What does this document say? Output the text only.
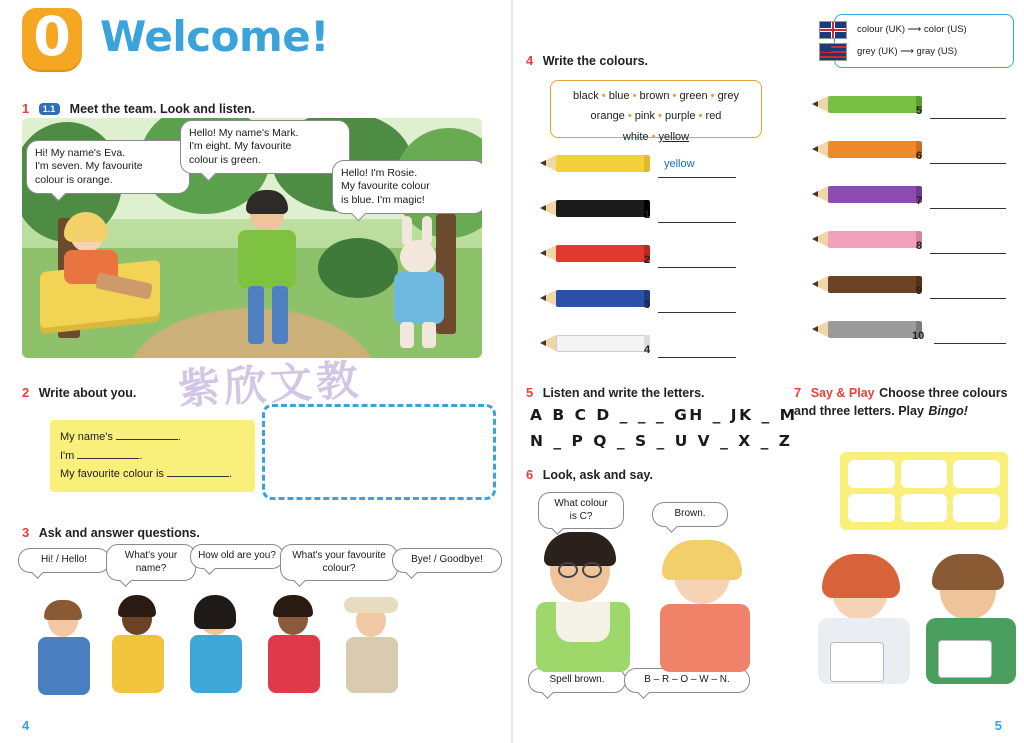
0 Welcome!
1 1.1 Meet the team. Look and listen.
Hi! My name's Eva.
I'm seven. My favourite
colour is orange.
Hello! My name's Mark.
I'm eight. My favourite
colour is green.
Hello! I'm Rosie.
My favourite colour
is blue. I'm magic!
2 Write about you.
My name's	.
I'm	.
My favourite colour is	.
3 Ask and answer questions.
Hi! / Hello!	What's your name?
How old are you?	What's your favourite colour?
Bye! / Goodbye!
4
colour (UK) ⟶ color (US)
grey (UK) ⟶ gray (US)
4 Write the colours.
black • blue • brown • green • grey
orange • pink • purple • red
white • yellow
yellow
1
2
3
4
5
6
7
8
9
10
5 Listen and write the letters.
A B C D _ _ _ GH _ JK _ M
N _ P Q _ S _ U V _ X _ Z
6 Look, ask and say.
What colour
is C?	Brown.
Spell brown.	B – R – O – W – N.
7 Say & Play Choose three colours and three letters. Play Bingo!
5
紫欣文教
